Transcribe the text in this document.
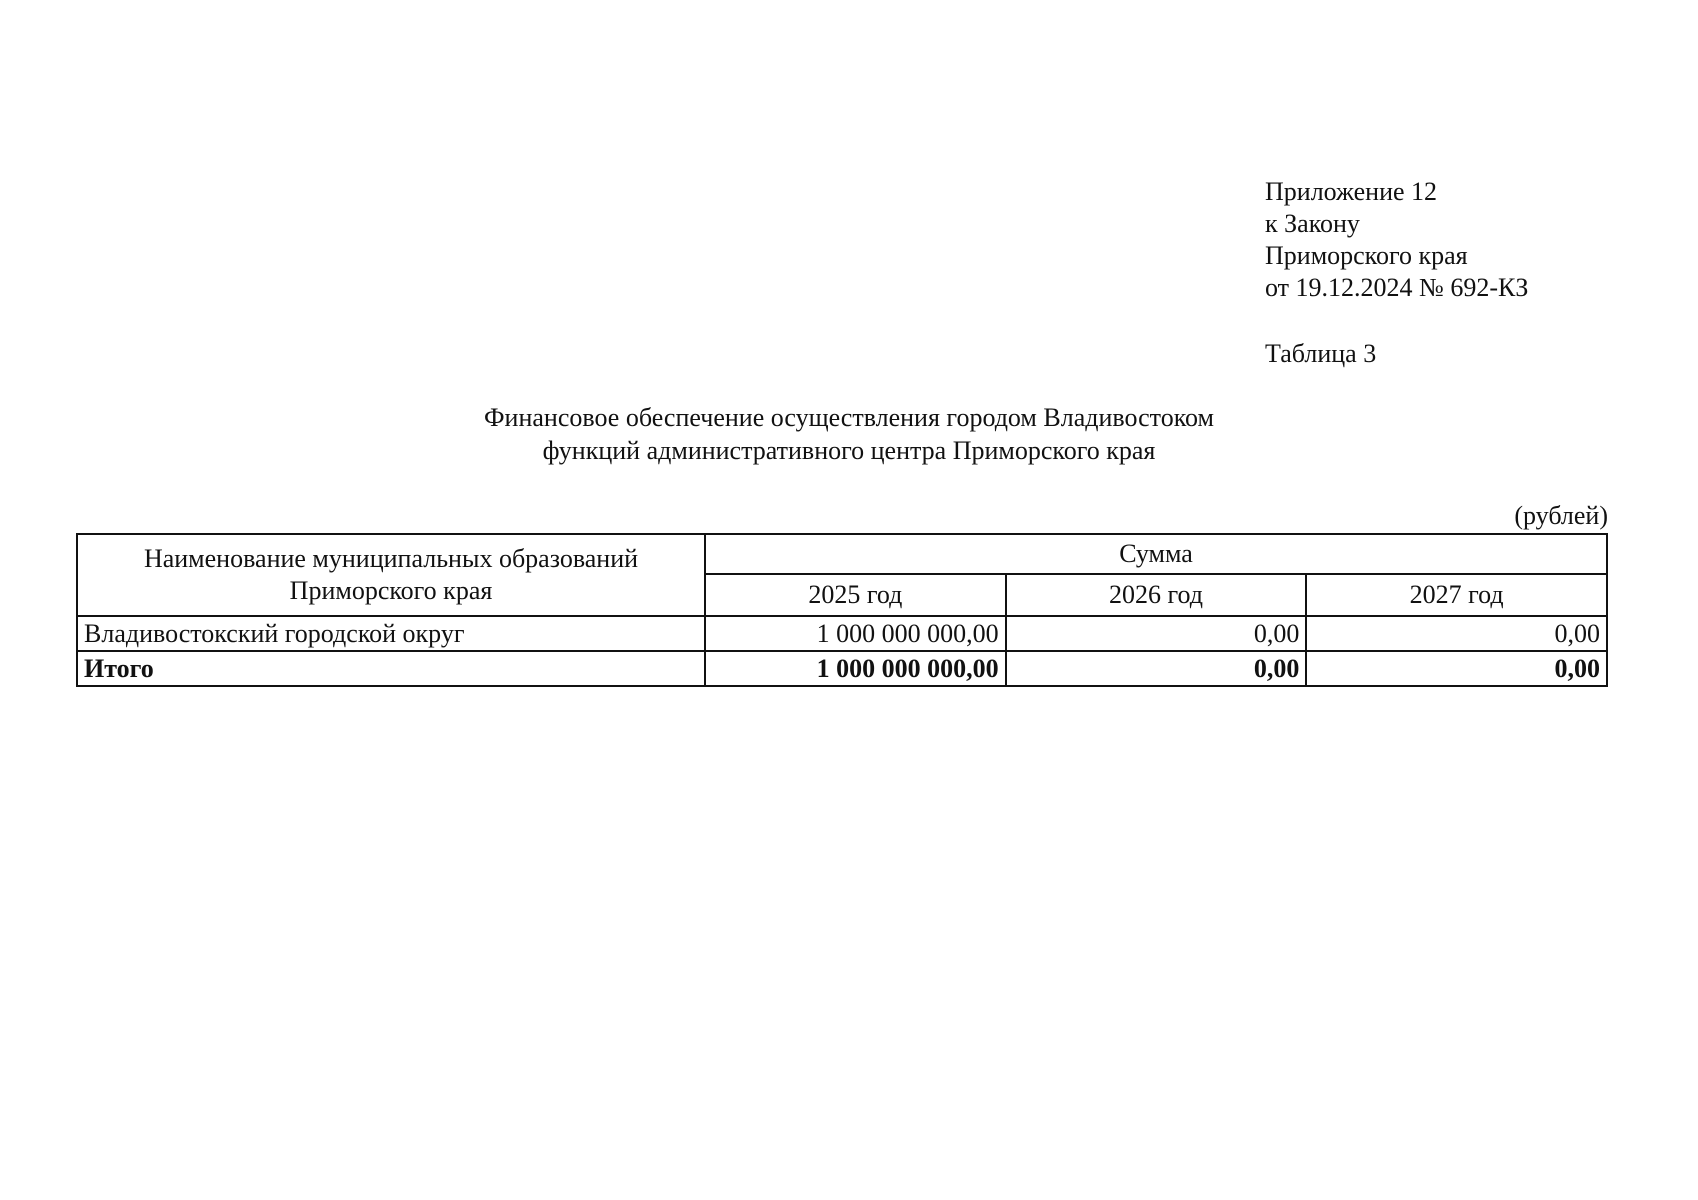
Приложение 12
к Закону
Приморского края
от 19.12.2024 № 692-КЗ
Таблица 3
Финансовое обеспечение осуществления городом Владивостоком
функций административного центра Приморского края
(рублей)
Наименование муниципальных образований Приморского края	Сумма		
	2025 год	2026 год	2027 год
Владивостокский городской округ	1 000 000 000,00	0,00	0,00
Итого	1 000 000 000,00	0,00	0,00
